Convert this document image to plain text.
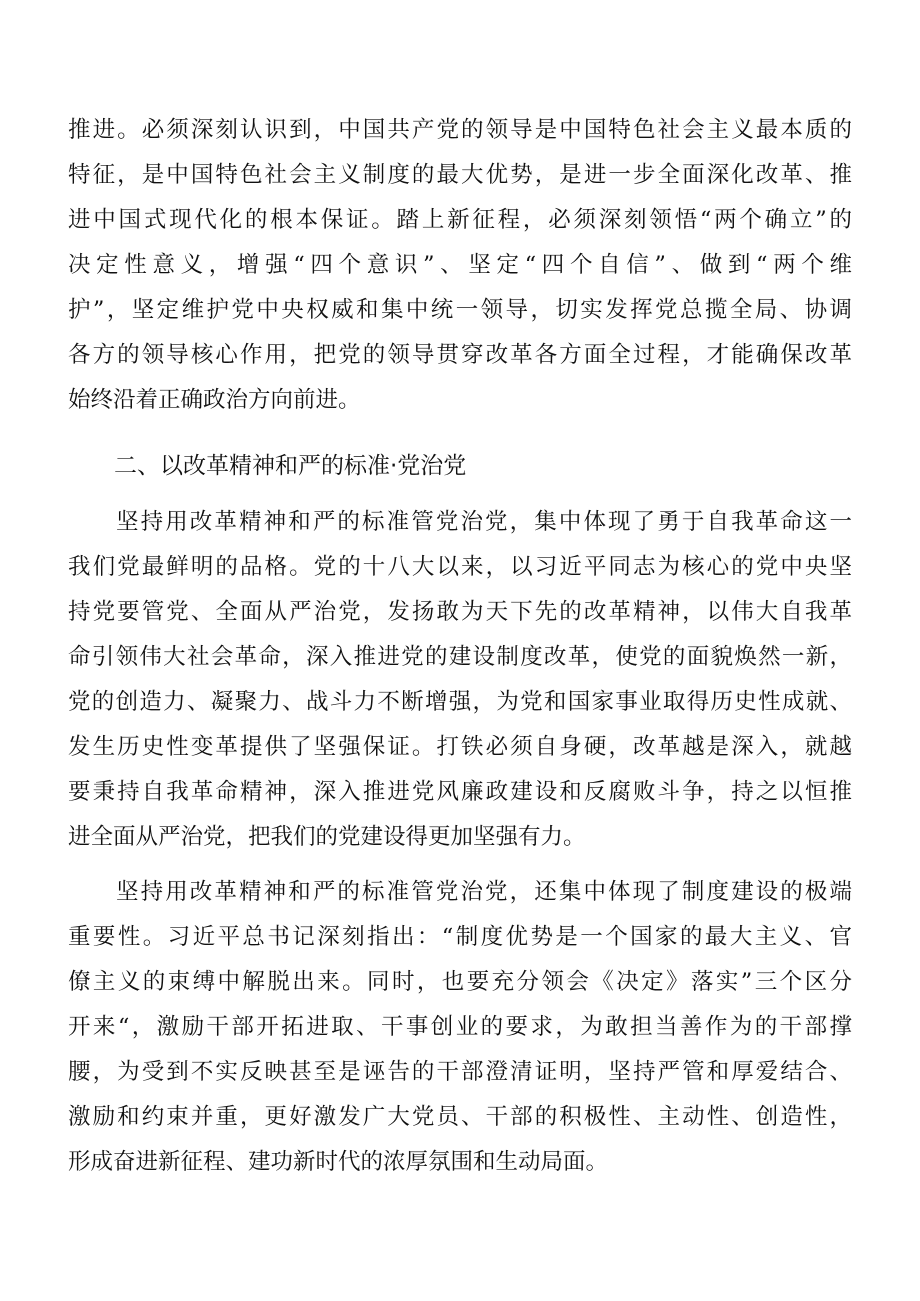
推进。必须深刻认识到，中国共产党的领导是中国特色社会主义最本质的
特征，是中国特色社会主义制度的最大优势，是进一步全面深化改革、推
进中国式现代化的根本保证。踏上新征程，必须深刻领悟“两个确立”的
决定性意义，增强“四个意识”、坚定“四个自信”、做到“两个维
护”，坚定维护党中央权威和集中统一领导，切实发挥党总揽全局、协调
各方的领导核心作用，把党的领导贯穿改革各方面全过程，才能确保改革
始终沿着正确政治方向前进。
二、以改革精神和严的标准·党治党
坚持用改革精神和严的标准管党治党，集中体现了勇于自我革命这一
我们党最鲜明的品格。党的十八大以来，以习近平同志为核心的党中央坚
持党要管党、全面从严治党，发扬敢为天下先的改革精神，以伟大自我革
命引领伟大社会革命，深入推进党的建设制度改革，使党的面貌焕然一新，
党的创造力、凝聚力、战斗力不断增强，为党和国家事业取得历史性成就、
发生历史性变革提供了坚强保证。打铁必须自身硬，改革越是深入，就越
要秉持自我革命精神，深入推进党风廉政建设和反腐败斗争，持之以恒推
进全面从严治党，把我们的党建设得更加坚强有力。
坚持用改革精神和严的标准管党治党，还集中体现了制度建设的极端
重要性。习近平总书记深刻指出：“制度优势是一个国家的最大主义、官
僚主义的束缚中解脱出来。同时，也要充分领会《决定》落实”三个区分
开来“，激励干部开拓进取、干事创业的要求，为敢担当善作为的干部撑
腰，为受到不实反映甚至是诬告的干部澄清证明，坚持严管和厚爱结合、
激励和约束并重，更好激发广大党员、干部的积极性、主动性、创造性，
形成奋进新征程、建功新时代的浓厚氛围和生动局面。
